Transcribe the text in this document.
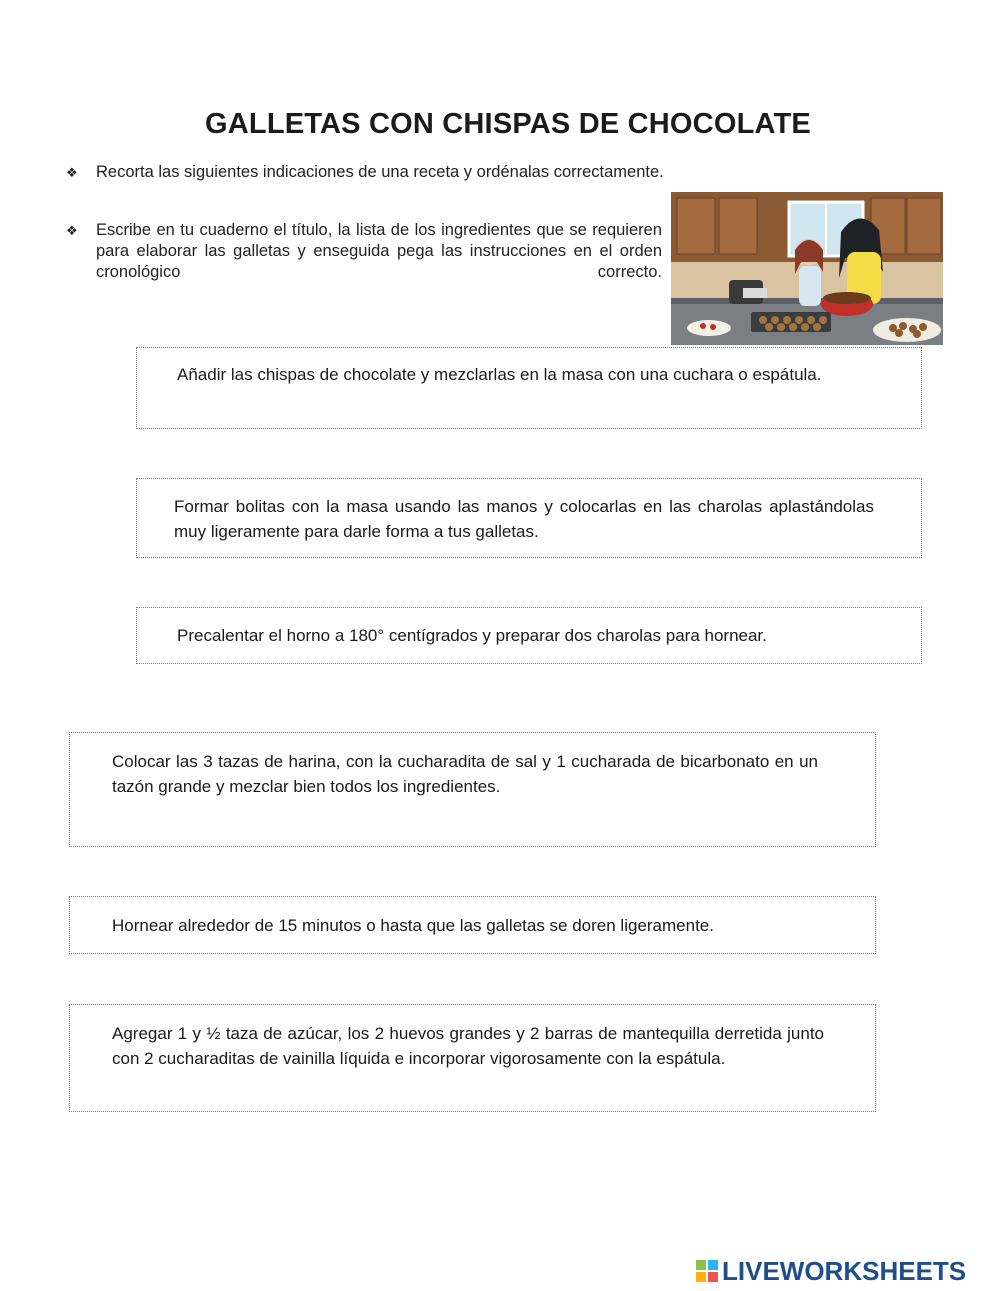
GALLETAS CON CHISPAS DE CHOCOLATE
❖ Recorta las siguientes indicaciones de una receta y ordénalas correctamente.
❖ Escribe en tu cuaderno el título, la lista de los ingredientes que se requieren para elaborar las galletas y enseguida pega las instrucciones en el orden cronológico correcto.
Añadir las chispas de chocolate y mezclarlas en la masa con una cuchara o espátula.
Formar bolitas con la masa usando las manos y colocarlas en las charolas aplastándolas muy ligeramente para darle forma a tus galletas.
Precalentar el horno a 180° centígrados y preparar dos charolas para hornear.
Colocar las 3 tazas de harina, con la cucharadita de sal y 1 cucharada de bicarbonato en un tazón grande y mezclar bien todos los ingredientes.
Hornear alrededor de 15 minutos o hasta que las galletas se doren ligeramente.
Agregar 1 y ½ taza de azúcar, los 2 huevos grandes y 2 barras de mantequilla derretida junto con 2 cucharaditas de vainilla líquida e incorporar vigorosamente con la espátula.
LIVEWORKSHEETS
